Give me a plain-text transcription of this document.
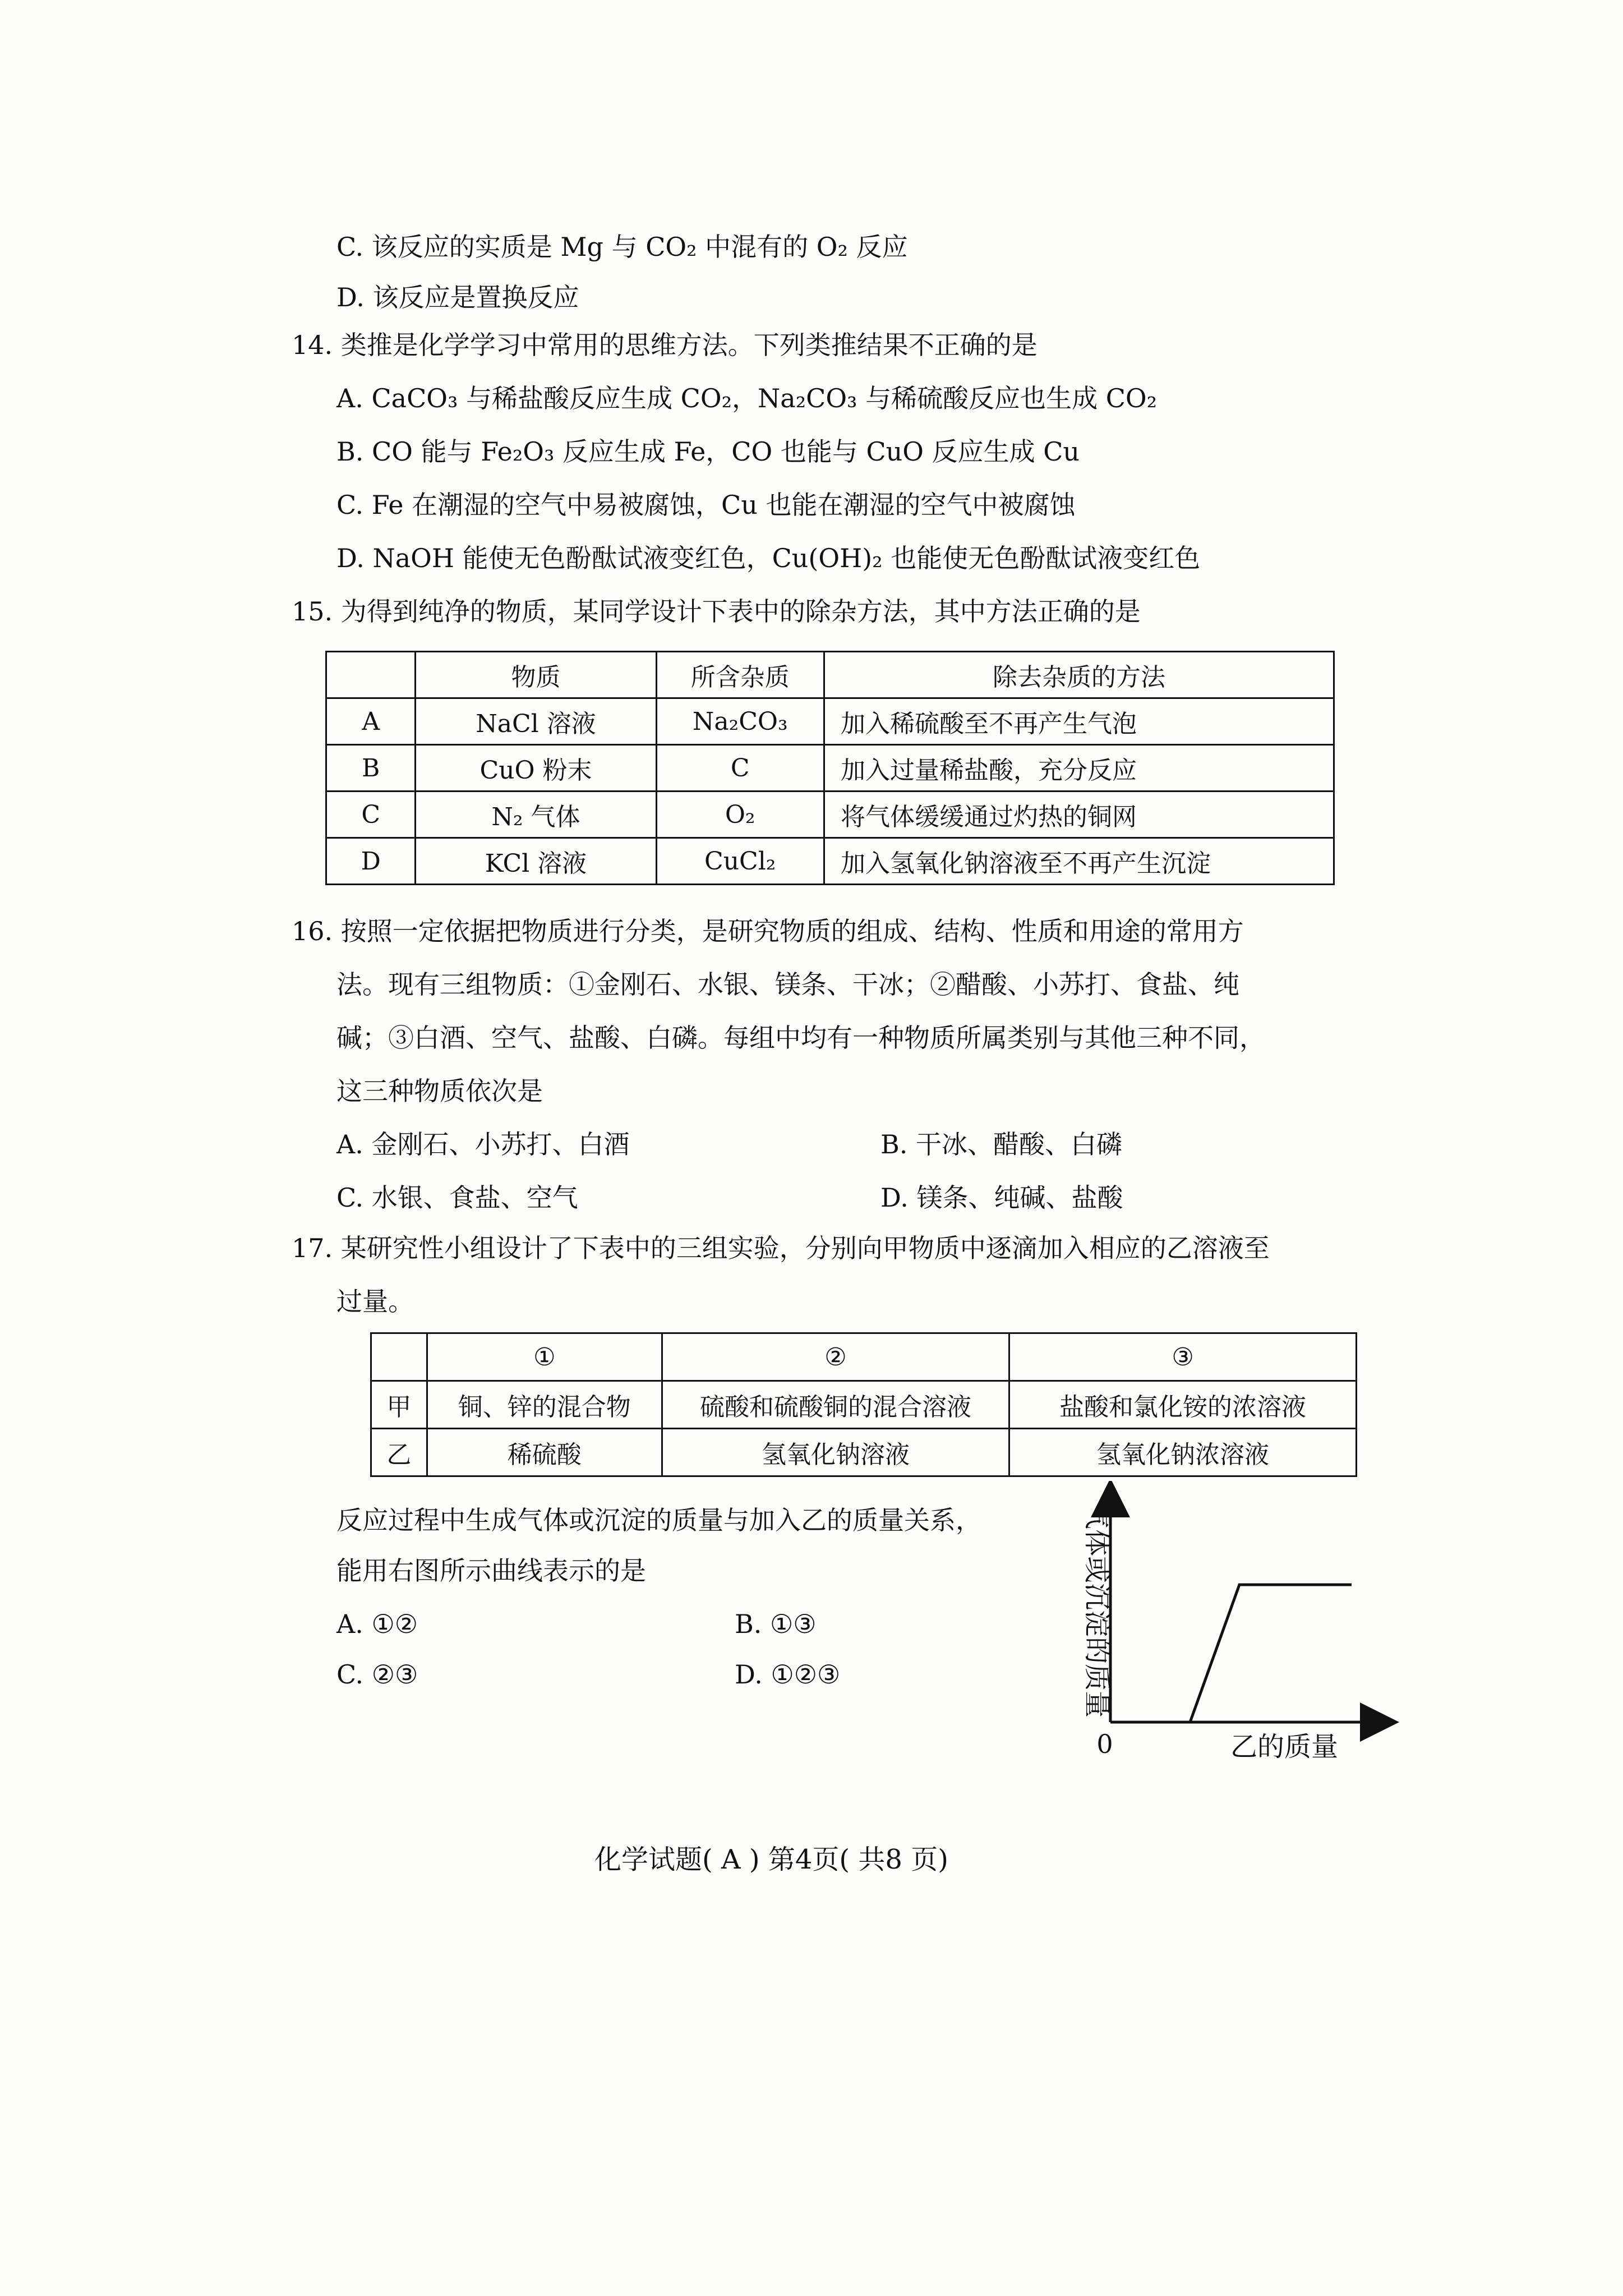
C. 该反应的实质是 Mg 与 CO₂ 中混有的 O₂ 反应
D. 该反应是置换反应
14. 类推是化学学习中常用的思维方法。下列类推结果不正确的是
A. CaCO₃ 与稀盐酸反应生成 CO₂，Na₂CO₃ 与稀硫酸反应也生成 CO₂
B. CO 能与 Fe₂O₃ 反应生成 Fe，CO 也能与 CuO 反应生成 Cu
C. Fe 在潮湿的空气中易被腐蚀，Cu 也能在潮湿的空气中被腐蚀
D. NaOH 能使无色酚酞试液变红色，Cu(OH)₂ 也能使无色酚酞试液变红色
15. 为得到纯净的物质，某同学设计下表中的除杂方法，其中方法正确的是
	物质	所含杂质	除去杂质的方法
A	NaCl 溶液	Na₂CO₃	加入稀硫酸至不再产生气泡
B	CuO 粉末	C	加入过量稀盐酸，充分反应
C	N₂ 气体	O₂	将气体缓缓通过灼热的铜网
D	KCl 溶液	CuCl₂	加入氢氧化钠溶液至不再产生沉淀
16. 按照一定依据把物质进行分类，是研究物质的组成、结构、性质和用途的常用方
法。现有三组物质：①金刚石、水银、镁条、干冰；②醋酸、小苏打、食盐、纯
碱；③白酒、空气、盐酸、白磷。每组中均有一种物质所属类别与其他三种不同，
这三种物质依次是
A. 金刚石、小苏打、白酒	B. 干冰、醋酸、白磷
C. 水银、食盐、空气	D. 镁条、纯碱、盐酸
17. 某研究性小组设计了下表中的三组实验，分别向甲物质中逐滴加入相应的乙溶液至
过量。
	①	②	③
甲	铜、锌的混合物	硫酸和硫酸铜的混合溶液	盐酸和氯化铵的浓溶液
乙	稀硫酸	氢氧化钠溶液	氢氧化钠浓溶液
反应过程中生成气体或沉淀的质量与加入乙的质量关系，
能用右图所示曲线表示的是
A. ①②	B. ①③
C. ②③	D. ①②③	气体或沉淀的质量
0	乙的质量
化学试题( A ) 第4页( 共8 页)
